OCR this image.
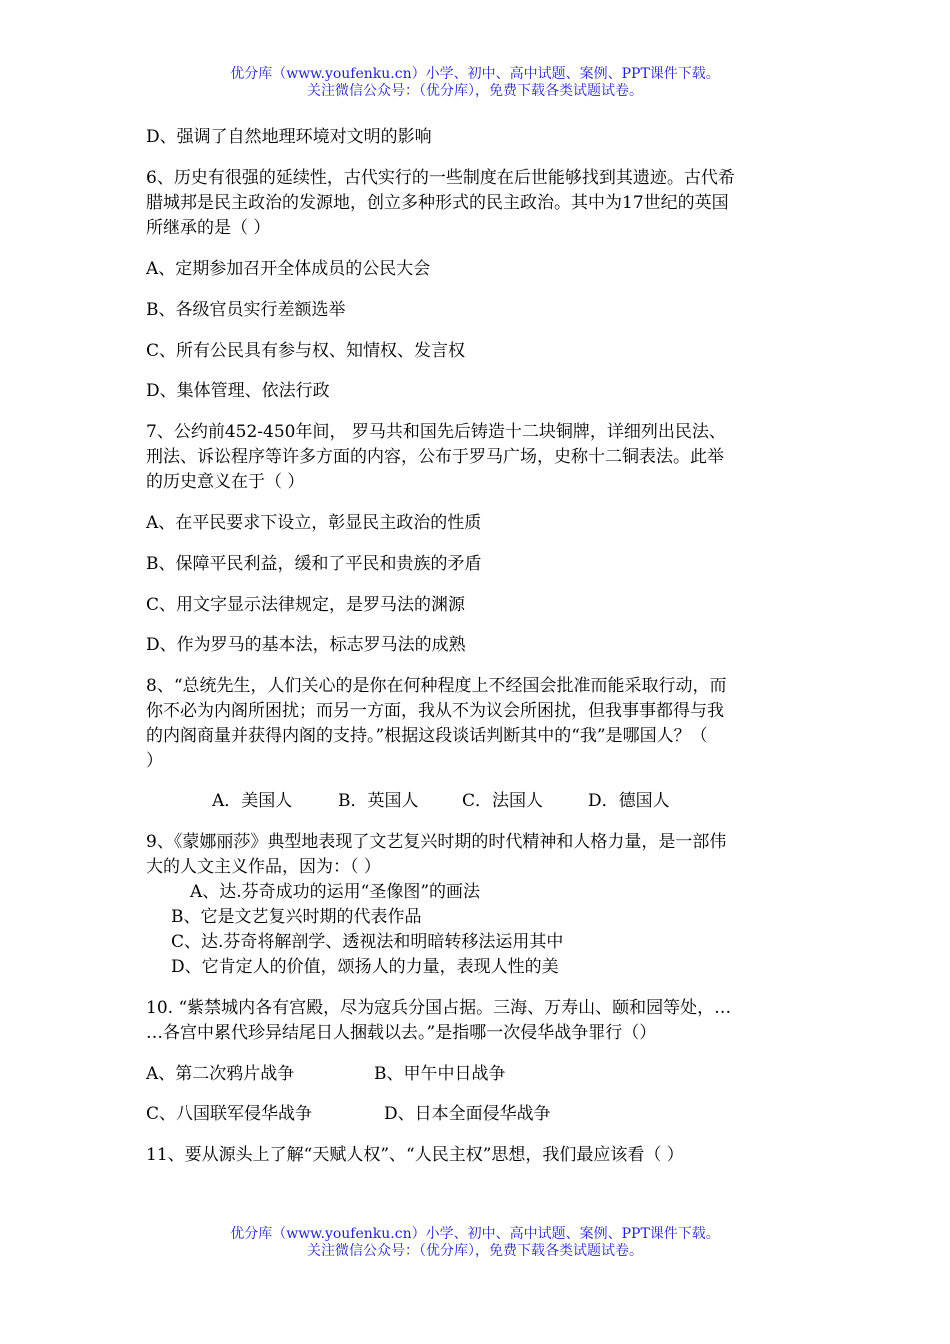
优分库（www.youfenku.cn）小学、初中、高中试题、案例、PPT课件下载。
关注微信公众号：（优分库），免费下载各类试题试卷。
D、强调了自然地理环境对文明的影响
6、历史有很强的延续性，古代实行的一些制度在后世能够找到其遗迹。古代希
腊城邦是民主政治的发源地，创立多种形式的民主政治。其中为17世纪的英国
所继承的是（ ）
A、定期参加召开全体成员的公民大会
B、各级官员实行差额选举
C、所有公民具有参与权、知情权、发言权
D、集体管理、依法行政
7、公约前452-450年间， 罗马共和国先后铸造十二块铜牌，详细列出民法、
刑法、诉讼程序等许多方面的内容，公布于罗马广场，史称十二铜表法。此举
的历史意义在于（ ）
A、在平民要求下设立，彰显民主政治的性质
B、保障平民利益，缓和了平民和贵族的矛盾
C、用文字显示法律规定，是罗马法的渊源
D、作为罗马的基本法，标志罗马法的成熟
8、“总统先生，人们关心的是你在何种程度上不经国会批准而能采取行动，而
你不必为内阁所困扰；而另一方面，我从不为议会所困扰，但我事事都得与我
的内阁商量并获得内阁的支持。”根据这段谈话判断其中的“我”是哪国人？（
）
A．美国人	B．英国人	C．法国人	D．德国人
9、《蒙娜丽莎》典型地表现了文艺复兴时期的时代精神和人格力量，是一部伟
大的人文主义作品，因为：（ ）
A、达.芬奇成功的运用“圣像图”的画法
B、它是文艺复兴时期的代表作品
C、达.芬奇将解剖学、透视法和明暗转移法运用其中
D、它肯定人的价值，颂扬人的力量，表现人性的美
10. “紫禁城内各有宫殿，尽为寇兵分国占据。三海、万寿山、颐和园等处，…
…各宫中累代珍异结尾日人捆载以去。”是指哪一次侵华战争罪行（）
A、第二次鸦片战争	B、甲午中日战争
C、八国联军侵华战争	D、日本全面侵华战争
11、要从源头上了解“天赋人权”、“人民主权”思想，我们最应该看（ ）
优分库（www.youfenku.cn）小学、初中、高中试题、案例、PPT课件下载。
关注微信公众号：（优分库），免费下载各类试题试卷。
